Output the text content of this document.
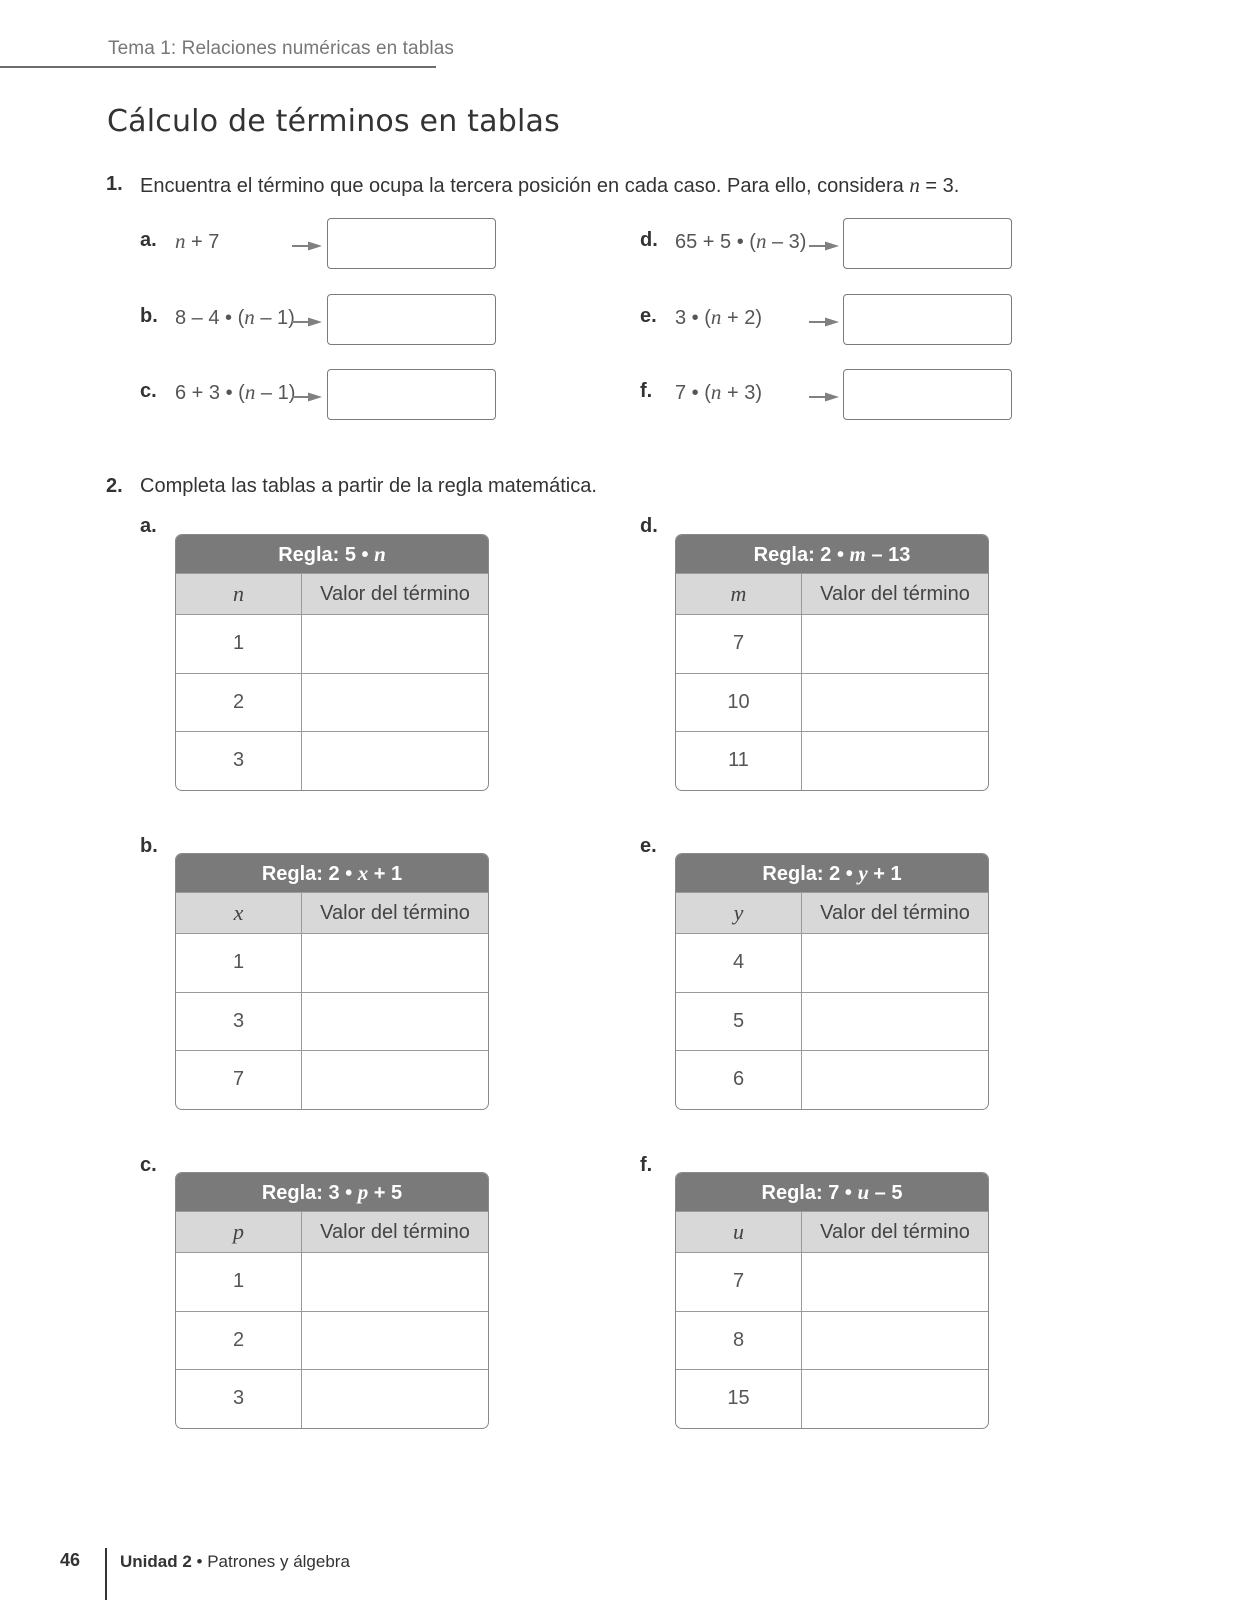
Tema 1: Relaciones numéricas en tablas
Cálculo de términos en tablas
1. Encuentra el término que ocupa la tercera posición en cada caso. Para ello, considera n = 3.
a. n + 7
b. 8 – 4 • (n – 1)
c. 6 + 3 • (n – 1)
d. 65 + 5 • (n – 3)
e. 3 • (n + 2)
f. 7 • (n + 3)
2. Completa las tablas a partir de la regla matemática.
a.
Regla: 5 • n
n	Valor del término
1
2
3
b.
Regla: 2 • x + 1
x	Valor del término
1
3
7
c.
Regla: 3 • p + 5
p	Valor del término
1
2
3
d.
Regla: 2 • m – 13
m	Valor del término
7
10
11
e.
Regla: 2 • y + 1
y	Valor del término
4
5
6
f.
Regla: 7 • u – 5
u	Valor del término
7
8
15
46 Unidad 2 • Patrones y álgebra
